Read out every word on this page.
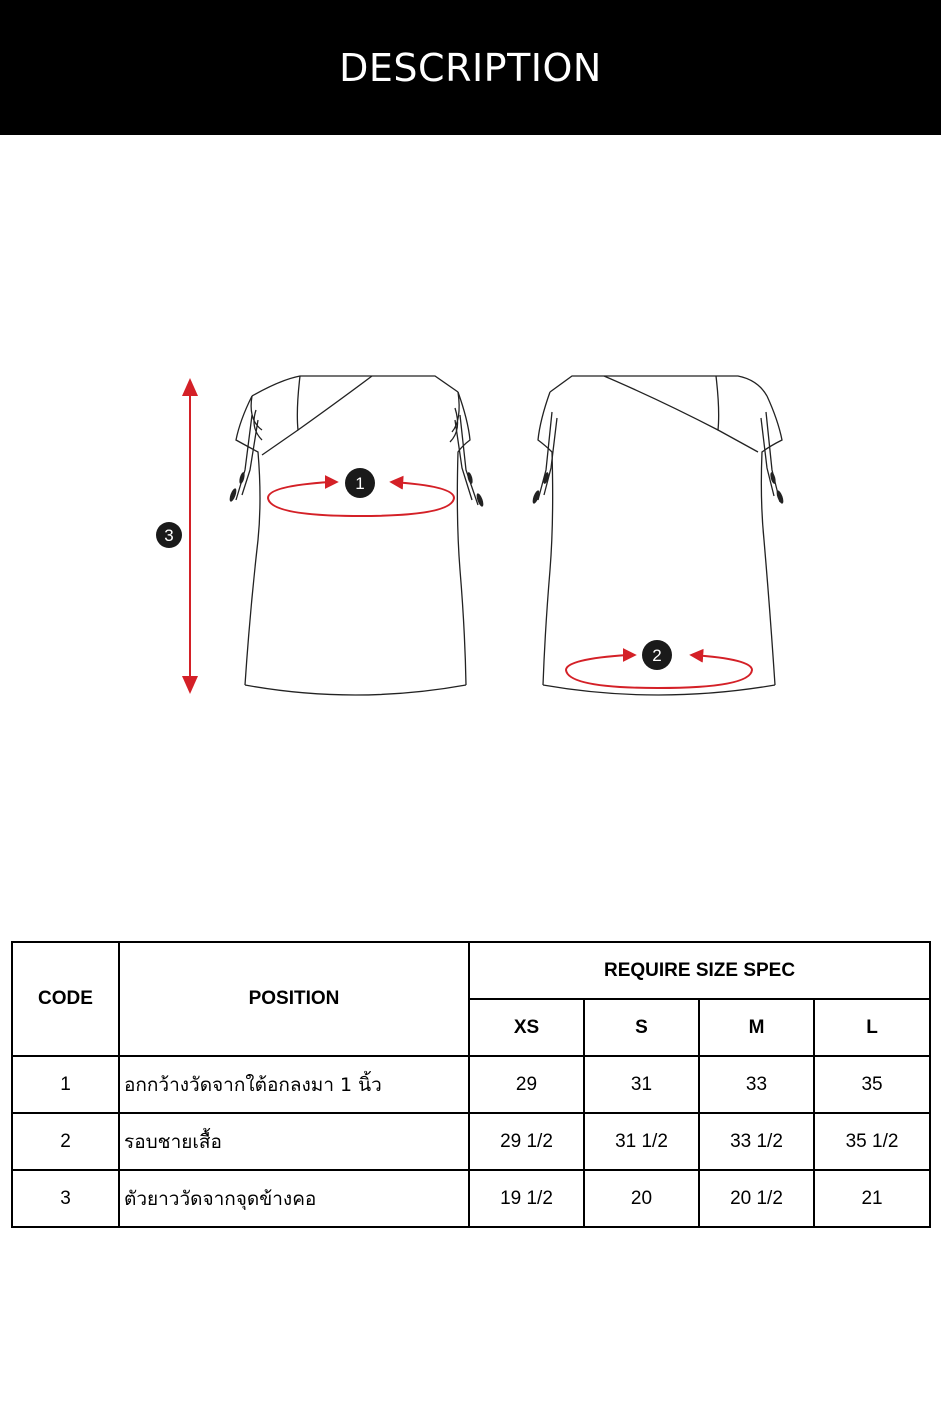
DESCRIPTION
3
1
2
CODE	POSITION	REQUIRE SIZE SPEC			
		XS	S	M	L
1	อกกว้างวัดจากใต้อกลงมา 1 นิ้ว	29	31	33	35
2	รอบชายเสื้อ	29 1/2	31 1/2	33 1/2	35 1/2
3	ตัวยาววัดจากจุดข้างคอ	19 1/2	20	20 1/2	21
